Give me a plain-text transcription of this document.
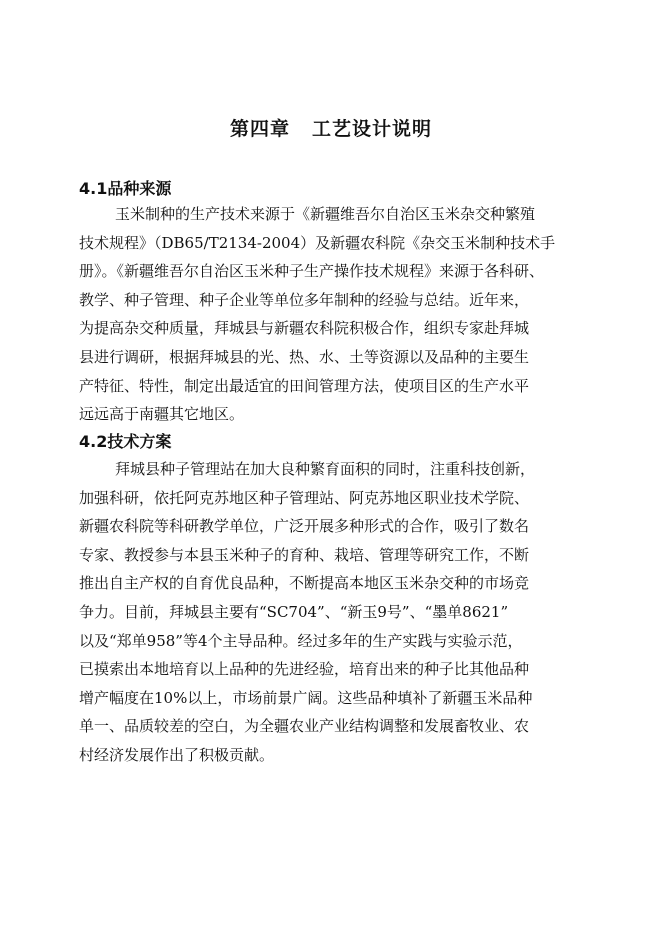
第四章 工艺设计说明
4.1品种来源
玉米制种的生产技术来源于《新疆维吾尔自治区玉米杂交种繁殖
技术规程》（DB65/T2134-2004）及新疆农科院《杂交玉米制种技术手
册》。《新疆维吾尔自治区玉米种子生产操作技术规程》来源于各科研、
教学、种子管理、种子企业等单位多年制种的经验与总结。近年来，
为提高杂交种质量，拜城县与新疆农科院积极合作，组织专家赴拜城
县进行调研，根据拜城县的光、热、水、土等资源以及品种的主要生
产特征、特性，制定出最适宜的田间管理方法，使项目区的生产水平
远远高于南疆其它地区。
4.2技术方案
拜城县种子管理站在加大良种繁育面积的同时，注重科技创新，
加强科研，依托阿克苏地区种子管理站、阿克苏地区职业技术学院、
新疆农科院等科研教学单位，广泛开展多种形式的合作，吸引了数名
专家、教授参与本县玉米种子的育种、栽培、管理等研究工作，不断
推出自主产权的自育优良品种，不断提高本地区玉米杂交种的市场竞
争力。目前，拜城县主要有“SC704”、“新玉9号”、“墨单8621”
以及“郑单958”等4个主导品种。经过多年的生产实践与实验示范，
已摸索出本地培育以上品种的先进经验，培育出来的种子比其他品种
增产幅度在10%以上，市场前景广阔。这些品种填补了新疆玉米品种
单一、品质较差的空白，为全疆农业产业结构调整和发展畜牧业、农
村经济发展作出了积极贡献。
